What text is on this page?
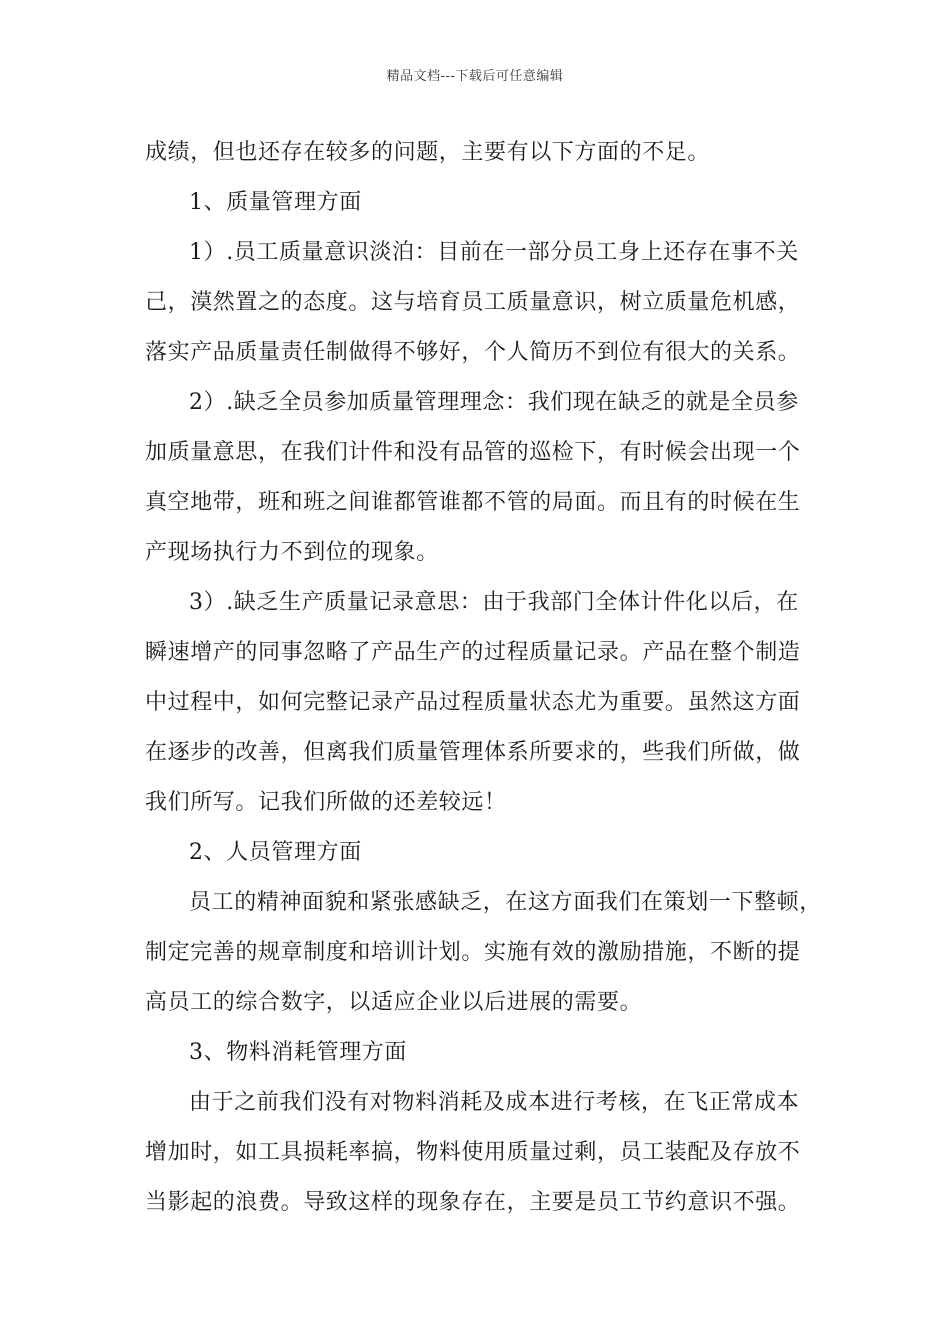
精品文档---下载后可任意编辑
成绩，但也还存在较多的问题，主要有以下方面的不足。
1、质量管理方面
1）.员工质量意识淡泊：目前在一部分员工身上还存在事不关
己，漠然置之的态度。这与培育员工质量意识，树立质量危机感，
落实产品质量责任制做得不够好，个人简历不到位有很大的关系。
2）.缺乏全员参加质量管理理念：我们现在缺乏的就是全员参
加质量意思，在我们计件和没有品管的巡检下，有时候会出现一个
真空地带，班和班之间谁都管谁都不管的局面。而且有的时候在生
产现场执行力不到位的现象。
3）.缺乏生产质量记录意思：由于我部门全体计件化以后，在
瞬速增产的同事忽略了产品生产的过程质量记录。产品在整个制造
中过程中，如何完整记录产品过程质量状态尤为重要。虽然这方面
在逐步的改善，但离我们质量管理体系所要求的，些我们所做，做
我们所写。记我们所做的还差较远！
2、人员管理方面
员工的精神面貌和紧张感缺乏，在这方面我们在策划一下整顿，
制定完善的规章制度和培训计划。实施有效的激励措施，不断的提
高员工的综合数字，以适应企业以后进展的需要。
3、物料消耗管理方面
由于之前我们没有对物料消耗及成本进行考核，在飞正常成本
增加时，如工具损耗率搞，物料使用质量过剩，员工装配及存放不
当影起的浪费。导致这样的现象存在，主要是员工节约意识不强。
